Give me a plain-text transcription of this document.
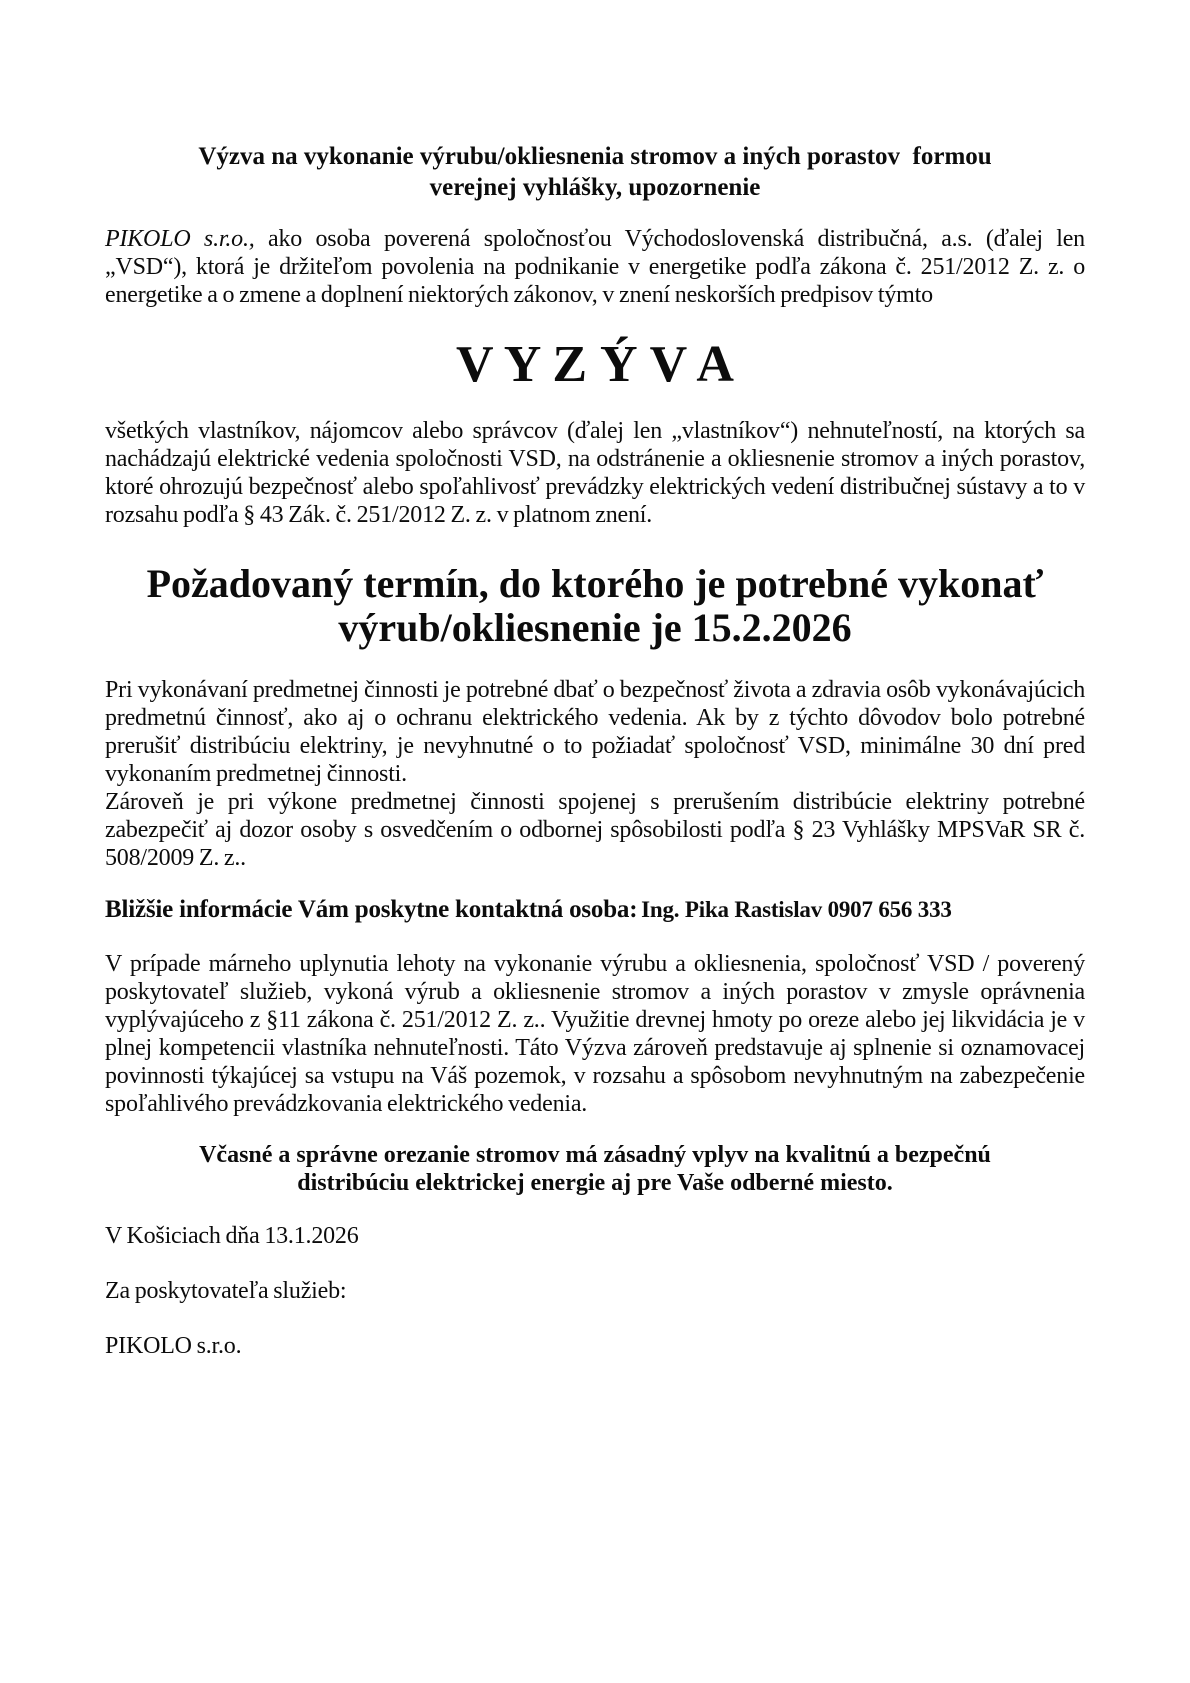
Výzva na vykonanie výrubu/okliesnenia stromov a iných porastov  formou
verejnej vyhlášky, upozornenie

PIKOLO s.r.o., ako osoba poverená spoločnosťou Východoslovenská distribučná, a.s. (ďalej len „VSD“), ktorá je držiteľom povolenia na podnikanie v energetike podľa zákona č. 251/2012 Z. z. o energetike a o zmene a doplnení niektorých zákonov, v znení neskorších predpisov týmto

V Y Z Ý V A

všetkých vlastníkov, nájomcov alebo správcov (ďalej len „vlastníkov“) nehnuteľností, na ktorých sa nachádzajú elektrické vedenia spoločnosti VSD, na odstránenie a okliesnenie stromov a iných porastov, ktoré ohrozujú bezpečnosť alebo spoľahlivosť prevádzky elektrických vedení distribučnej sústavy a to v rozsahu podľa § 43 Zák. č. 251/2012 Z. z. v platnom znení.

Požadovaný termín, do ktorého je potrebné vykonať
výrub/okliesnenie je 15.2.2026

Pri vykonávaní predmetnej činnosti je potrebné dbať o bezpečnosť života a zdravia osôb vykonávajúcich predmetnú činnosť, ako aj o ochranu elektrického vedenia. Ak by z týchto dôvodov bolo potrebné prerušiť distribúciu elektriny, je nevyhnutné o to požiadať spoločnosť VSD, minimálne 30 dní pred vykonaním predmetnej činnosti.

Zároveň je pri výkone predmetnej činnosti spojenej s prerušením distribúcie elektriny potrebné zabezpečiť aj dozor osoby s osvedčením o odbornej spôsobilosti podľa § 23 Vyhlášky MPSVaR SR č. 508/2009 Z. z..

Bližšie informácie Vám poskytne kontaktná osoba: Ing. Pika Rastislav 0907 656 333

V prípade márneho uplynutia lehoty na vykonanie výrubu a okliesnenia, spoločnosť VSD / poverený poskytovateľ služieb, vykoná výrub a okliesnenie stromov a iných porastov v zmysle oprávnenia vyplývajúceho z §11 zákona č. 251/2012 Z. z.. Využitie drevnej hmoty po oreze alebo jej likvidácia je v plnej kompetencii vlastníka nehnuteľnosti. Táto Výzva zároveň predstavuje aj splnenie si oznamovacej povinnosti týkajúcej sa vstupu na Váš pozemok, v rozsahu a spôsobom nevyhnutným na zabezpečenie spoľahlivého prevádzkovania elektrického vedenia.

Včasné a správne orezanie stromov má zásadný vplyv na kvalitnú a bezpečnú
distribúciu elektrickej energie aj pre Vaše odberné miesto.

V Košiciach dňa 13.1.2026

Za poskytovateľa služieb:

PIKOLO s.r.o.
